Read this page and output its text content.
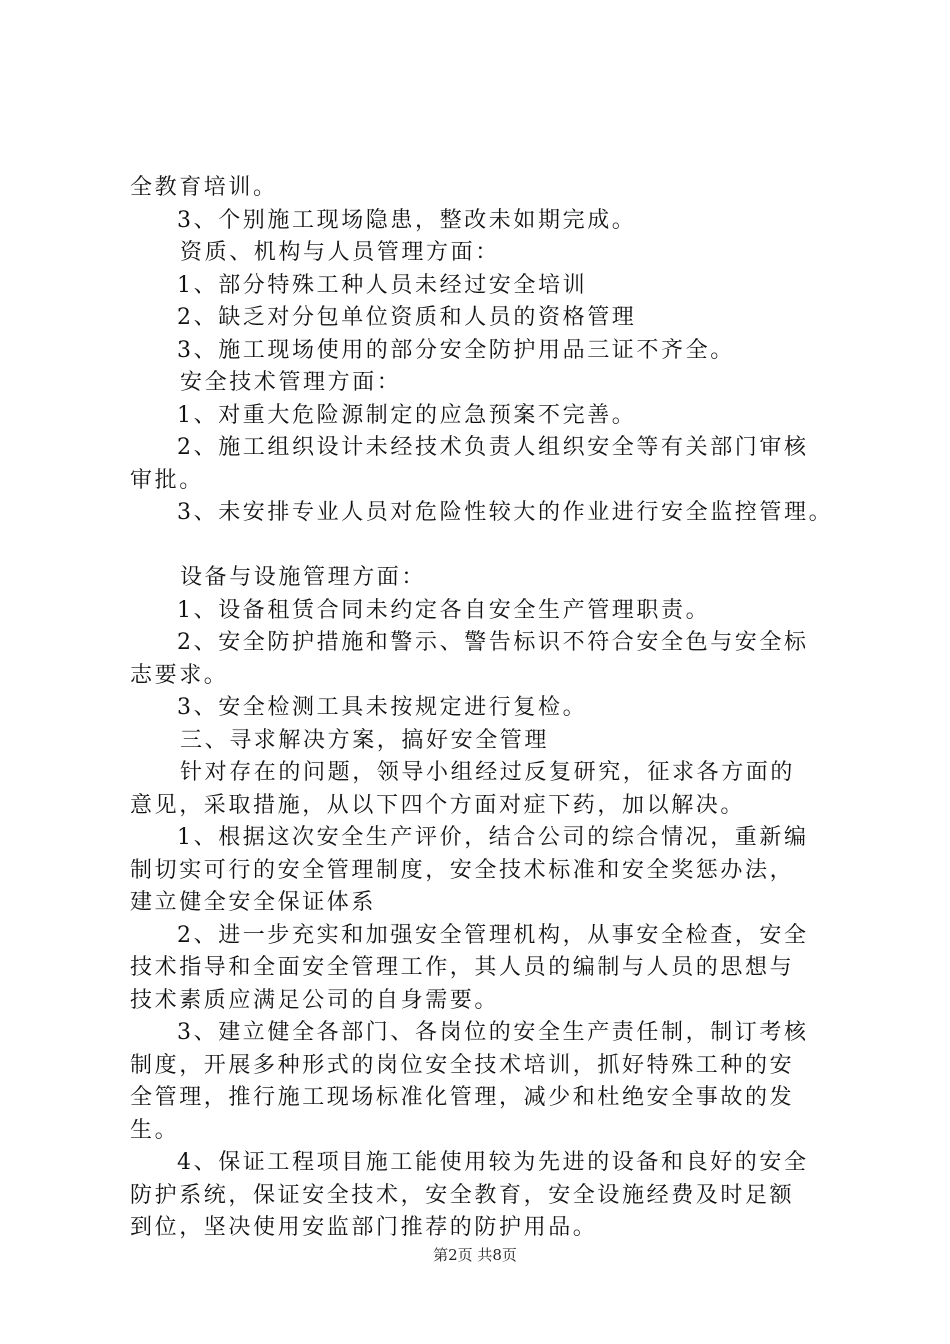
全教育培训。
3、个别施工现场隐患，整改未如期完成。
资质、机构与人员管理方面：
1、部分特殊工种人员未经过安全培训
2、缺乏对分包单位资质和人员的资格管理
3、施工现场使用的部分安全防护用品三证不齐全。
安全技术管理方面：
1、对重大危险源制定的应急预案不完善。
2、施工组织设计未经技术负责人组织安全等有关部门审核
审批。
3、未安排专业人员对危险性较大的作业进行安全监控管理。
设备与设施管理方面：
1、设备租赁合同未约定各自安全生产管理职责。
2、安全防护措施和警示、警告标识不符合安全色与安全标
志要求。
3、安全检测工具未按规定进行复检。
三、寻求解决方案，搞好安全管理
针对存在的问题，领导小组经过反复研究，征求各方面的
意见，采取措施，从以下四个方面对症下药，加以解决。
1、根据这次安全生产评价，结合公司的综合情况，重新编
制切实可行的安全管理制度，安全技术标准和安全奖惩办法，
建立健全安全保证体系
2、进一步充实和加强安全管理机构，从事安全检查，安全
技术指导和全面安全管理工作，其人员的编制与人员的思想与
技术素质应满足公司的自身需要。
3、建立健全各部门、各岗位的安全生产责任制，制订考核
制度，开展多种形式的岗位安全技术培训，抓好特殊工种的安
全管理，推行施工现场标准化管理，减少和杜绝安全事故的发
生。
4、保证工程项目施工能使用较为先进的设备和良好的安全
防护系统，保证安全技术，安全教育，安全设施经费及时足额
到位，坚决使用安监部门推荐的防护用品。
第2页 共8页
